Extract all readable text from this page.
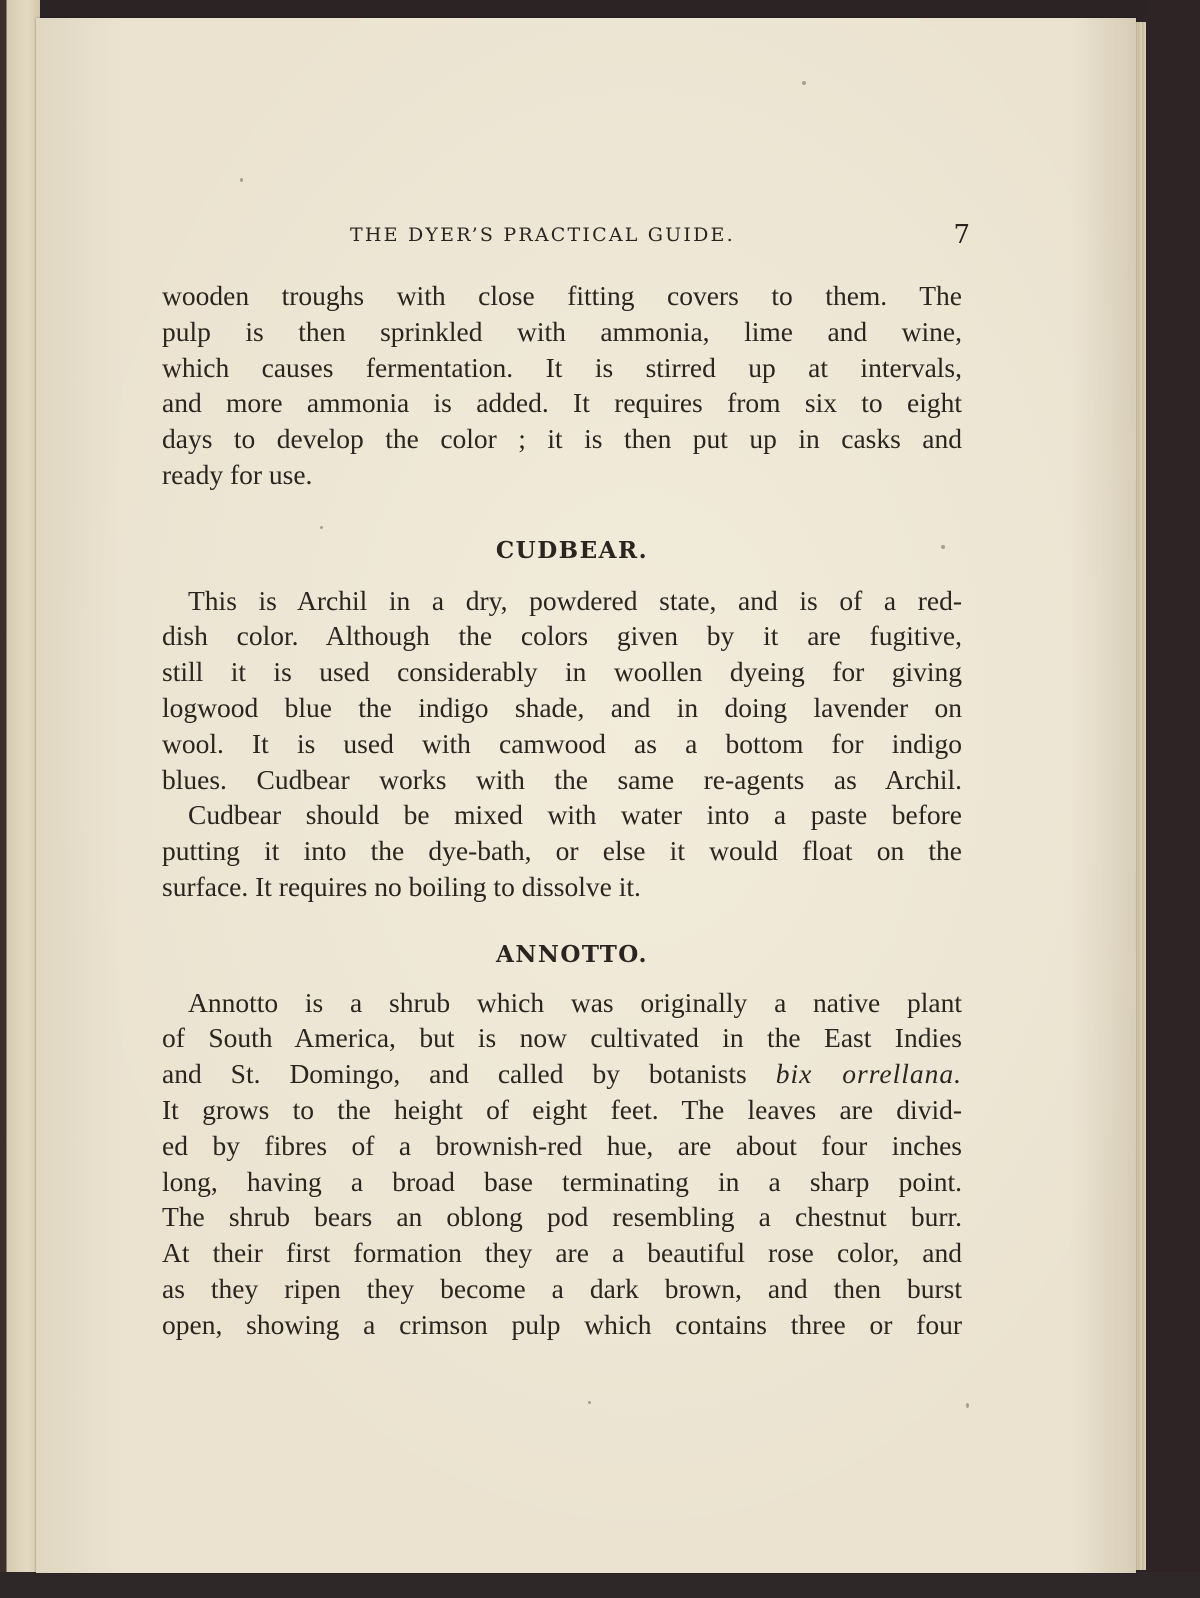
THE DYER’S PRACTICAL GUIDE.	7
wooden troughs with close fitting covers to them. The
pulp is then sprinkled with ammonia, lime and wine,
which causes fermentation. It is stirred up at intervals,
and more ammonia is added. It requires from six to eight
days to develop the color ; it is then put up in casks and
ready for use.
CUDBEAR.
This is Archil in a dry, powdered state, and is of a red-
dish color. Although the colors given by it are fugitive,
still it is used considerably in woollen dyeing for giving
logwood blue the indigo shade, and in doing lavender on
wool. It is used with camwood as a bottom for indigo
blues. Cudbear works with the same re-agents as Archil.
Cudbear should be mixed with water into a paste before
putting it into the dye-bath, or else it would float on the
surface. It requires no boiling to dissolve it.
ANNOTTO.
Annotto is a shrub which was originally a native plant
of South America, but is now cultivated in the East Indies
and St. Domingo, and called by botanists bix orrellana.
It grows to the height of eight feet. The leaves are divid-
ed by fibres of a brownish-red hue, are about four inches
long, having a broad base terminating in a sharp point.
The shrub bears an oblong pod resembling a chestnut burr.
At their first formation they are a beautiful rose color, and
as they ripen they become a dark brown, and then burst
open, showing a crimson pulp which contains three or four
